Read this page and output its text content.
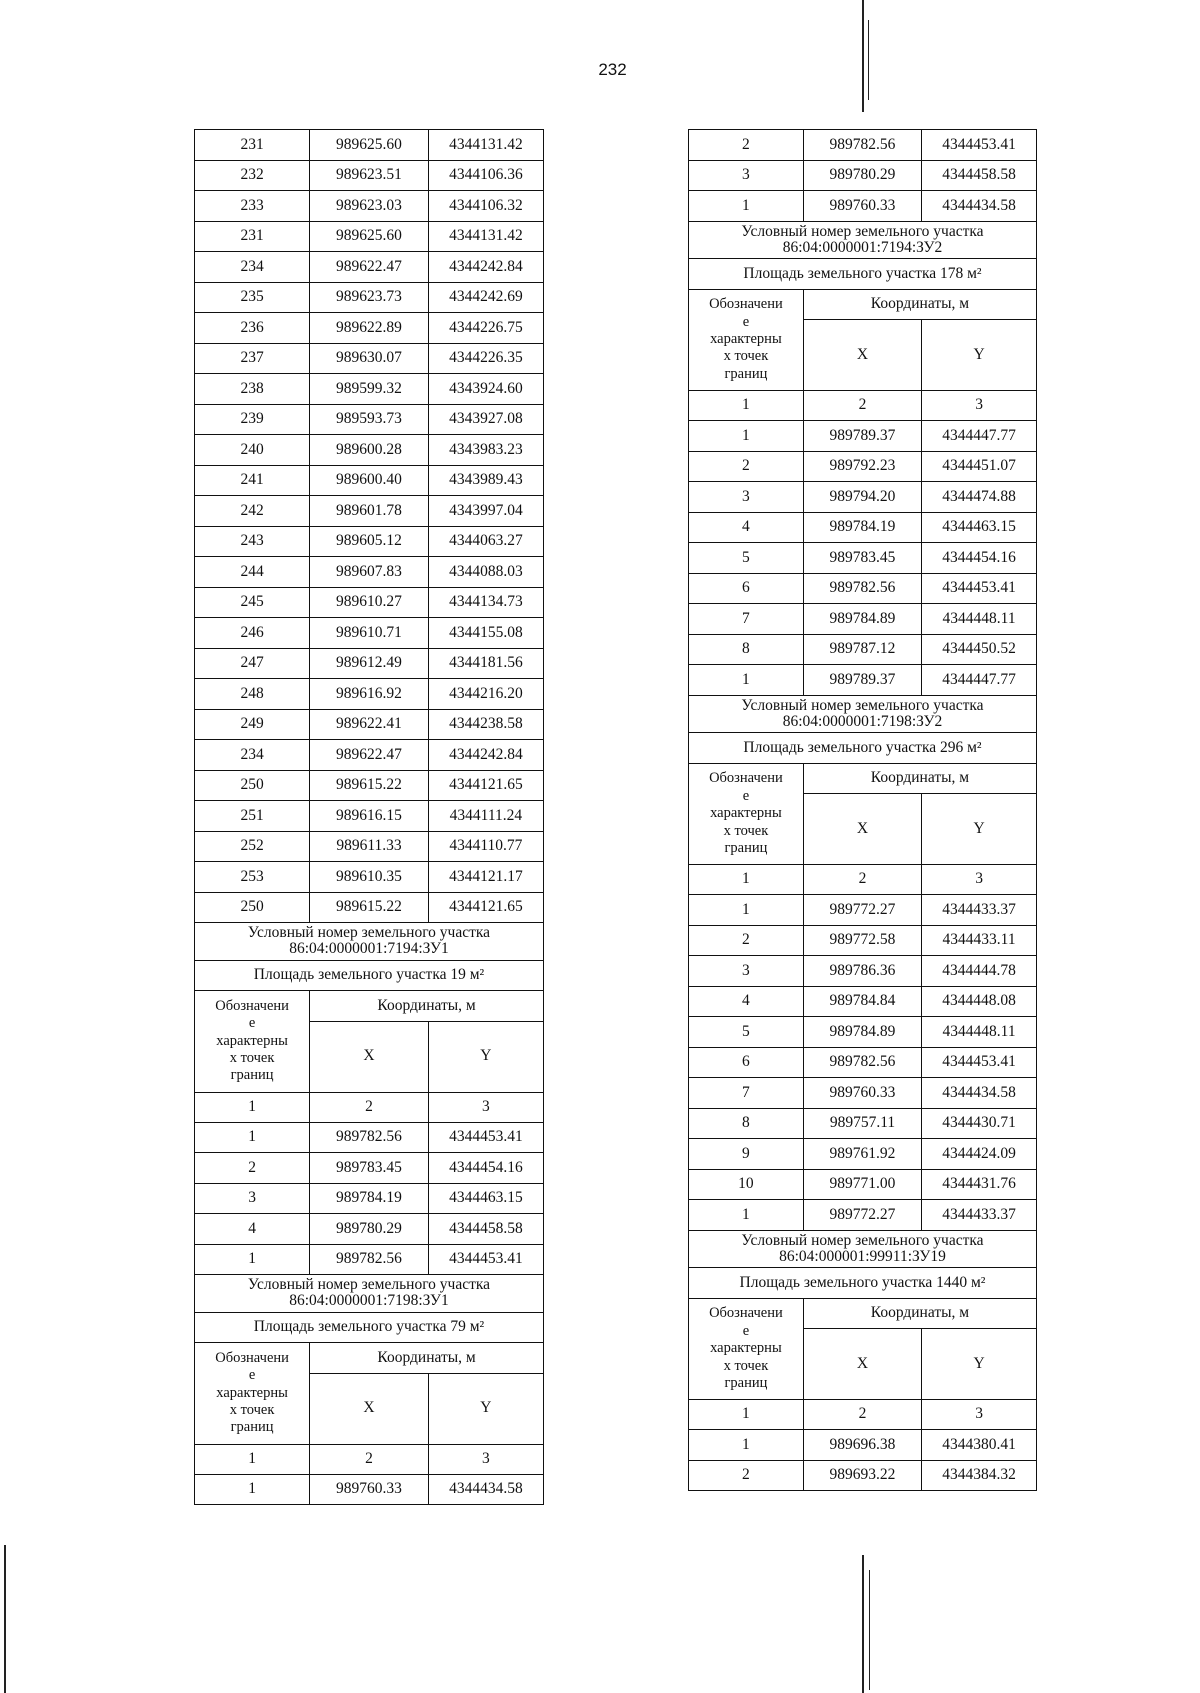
232
231	989625.60	4344131.42
232	989623.51	4344106.36
233	989623.03	4344106.32
231	989625.60	4344131.42
234	989622.47	4344242.84
235	989623.73	4344242.69
236	989622.89	4344226.75
237	989630.07	4344226.35
238	989599.32	4343924.60
239	989593.73	4343927.08
240	989600.28	4343983.23
241	989600.40	4343989.43
242	989601.78	4343997.04
243	989605.12	4344063.27
244	989607.83	4344088.03
245	989610.27	4344134.73
246	989610.71	4344155.08
247	989612.49	4344181.56
248	989616.92	4344216.20
249	989622.41	4344238.58
234	989622.47	4344242.84
250	989615.22	4344121.65
251	989616.15	4344111.24
252	989611.33	4344110.77
253	989610.35	4344121.17
250	989615.22	4344121.65

Условный номер земельного участка
86:04:0000001:7194:ЗУ1		

Площадь земельного участка 19 м²		

Обозначени
е
характерны
х точек
границ	Координаты, м	
	X	Y
1	2	3
1	989782.56	4344453.41
2	989783.45	4344454.16
3	989784.19	4344463.15
4	989780.29	4344458.58
1	989782.56	4344453.41

Условный номер земельного участка
86:04:0000001:7198:ЗУ1		

Площадь земельного участка 79 м²		

Обозначени
е
характерны
х точек
границ	Координаты, м	
	X	Y
1	2	3
1	989760.33	4344434.58
2	989782.56	4344453.41
3	989780.29	4344458.58
1	989760.33	4344434.58

Условный номер земельного участка
86:04:0000001:7194:ЗУ2		

Площадь земельного участка 178 м²		

Обозначени
е
характерны
х точек
границ	Координаты, м	
	X	Y
1	2	3
1	989789.37	4344447.77
2	989792.23	4344451.07
3	989794.20	4344474.88
4	989784.19	4344463.15
5	989783.45	4344454.16
6	989782.56	4344453.41
7	989784.89	4344448.11
8	989787.12	4344450.52
1	989789.37	4344447.77

Условный номер земельного участка
86:04:0000001:7198:ЗУ2		

Площадь земельного участка 296 м²		

Обозначени
е
характерны
х точек
границ	Координаты, м	
	X	Y
1	2	3
1	989772.27	4344433.37
2	989772.58	4344433.11
3	989786.36	4344444.78
4	989784.84	4344448.08
5	989784.89	4344448.11
6	989782.56	4344453.41
7	989760.33	4344434.58
8	989757.11	4344430.71
9	989761.92	4344424.09
10	989771.00	4344431.76
1	989772.27	4344433.37

Условный номер земельного участка
86:04:000001:99911:ЗУ19		

Площадь земельного участка 1440 м²		

Обозначени
е
характерны
х точек
границ	Координаты, м	
	X	Y
1	2	3
1	989696.38	4344380.41
2	989693.22	4344384.32
